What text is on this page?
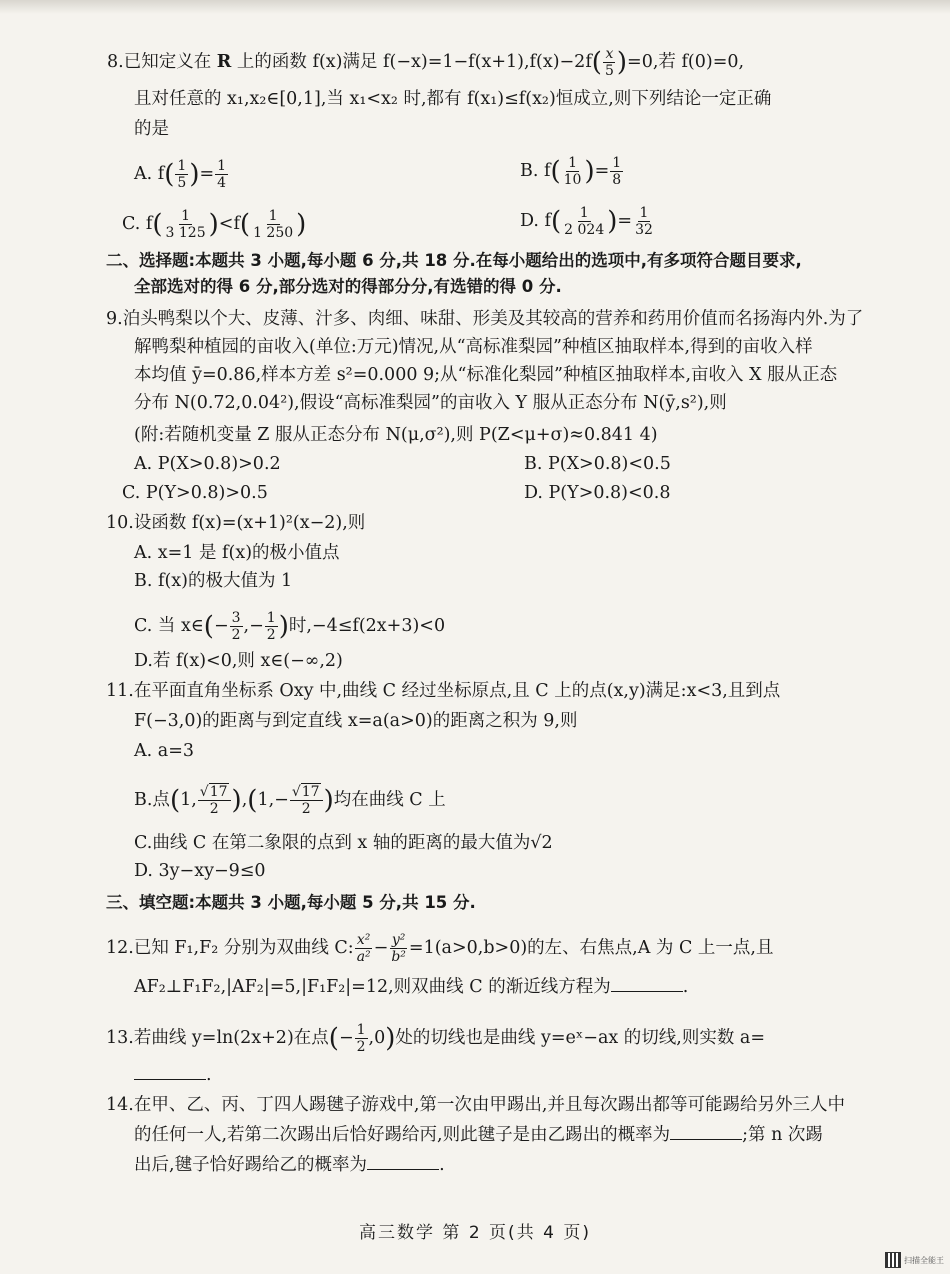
8.已知定义在 R 上的函数 f(x)满足 $f(-x)=1-f(x+1),f(x)-2f( \frac{x}{5} )=0$,若 f(0)=0,
且对任意的 x₁,x₂∈[0,1],当 x₁<x₂ 时,都有 f(x₁)≤f(x₂)恒成立,则下列结论一定正确
的是
A. $f( \frac{1}{5}$ )= $\frac{1}{4}$	B. $f( \frac{1}{10}$ )= $\frac{1}{8}$
C. $f( \frac{1}{3 125} )<f( \frac{1}{1 250}$ )	D. $f( \frac{1}{2 024}$ )= $\frac{1}{32}$
二、选择题:本题共 3 小题,每小题 6 分,共 18 分.在每小题给出的选项中,有多项符合题目要求,
全部选对的得 6 分,部分选对的得部分分,有选错的得 0 分.
9.泊头鸭梨以个大、皮薄、汁多、肉细、味甜、形美及其较高的营养和药用价值而名扬海内外.为了
解鸭梨种植园的亩收入(单位:万元)情况,从“高标准梨园”种植区抽取样本,得到的亩收入样
本均值 ȳ=0.86,样本方差 s²=0.000 9;从“标准化梨园”种植区抽取样本,亩收入 X 服从正态
分布 N(0.72,0.04²),假设“高标准梨园”的亩收入 Y 服从正态分布 N(ȳ,s²),则
(附:若随机变量 Z 服从正态分布 N(μ,σ²),则 P(Z<μ+σ)≈0.841 4)
A. P(X>0.8)>0.2	B. P(X>0.8)<0.5
C. P(Y>0.8)>0.5	D. P(Y>0.8)<0.8
10.设函数 f(x)=(x+1)²(x−2),则
A. x=1 是 f(x)的极小值点
B. f(x)的极大值为 1
C. 当 x∈(− $\frac{3}{2}$ ,− $\frac{1}{2}$ )时,−4≤f(2x+3)<0
D.若 f(x)<0,则 x∈(−∞,2)
11.在平面直角坐标系 Oxy 中,曲线 C 经过坐标原点,且 C 上的点(x,y)满足:x<3,且到点
F(−3,0)的距离与到定直线 x=a(a>0)的距离之积为 9,则
A. a=3
B.点(1, $\frac{√17}{2} ),(1,- \frac{√17}{2}$ )均在曲线 C 上
C.曲线 C 在第二象限的点到 x 轴的距离的最大值为√2
D. 3y−xy−9≤0
三、填空题:本题共 3 小题,每小题 5 分,共 15 分.
12.已知 F₁,F₂ 分别为双曲线 C: $\frac{\text{x²}}{\text{a²}} - \frac{\text{y²}}{\text{b²}} =1(a>0,b>0)$的左、右焦点,A 为 C 上一点,且
AF₂⊥F₁F₂,|AF₂|=5,|F₁F₂|=12,则双曲线 C 的渐近线方程为	.
13.若曲线 y=ln(2x+2)在点(− $\frac{1}{2} ,0$)处的切线也是曲线 y=eˣ−ax 的切线,则实数 a=
.
14.在甲、乙、丙、丁四人踢毽子游戏中,第一次由甲踢出,并且每次踢出都等可能踢给另外三人中
的任何一人,若第二次踢出后恰好踢给丙,则此毽子是由乙踢出的概率为	;第 n 次踢
出后,毽子恰好踢给乙的概率为	.
高三数学 第 2 页(共 4 页)
扫描全能王
